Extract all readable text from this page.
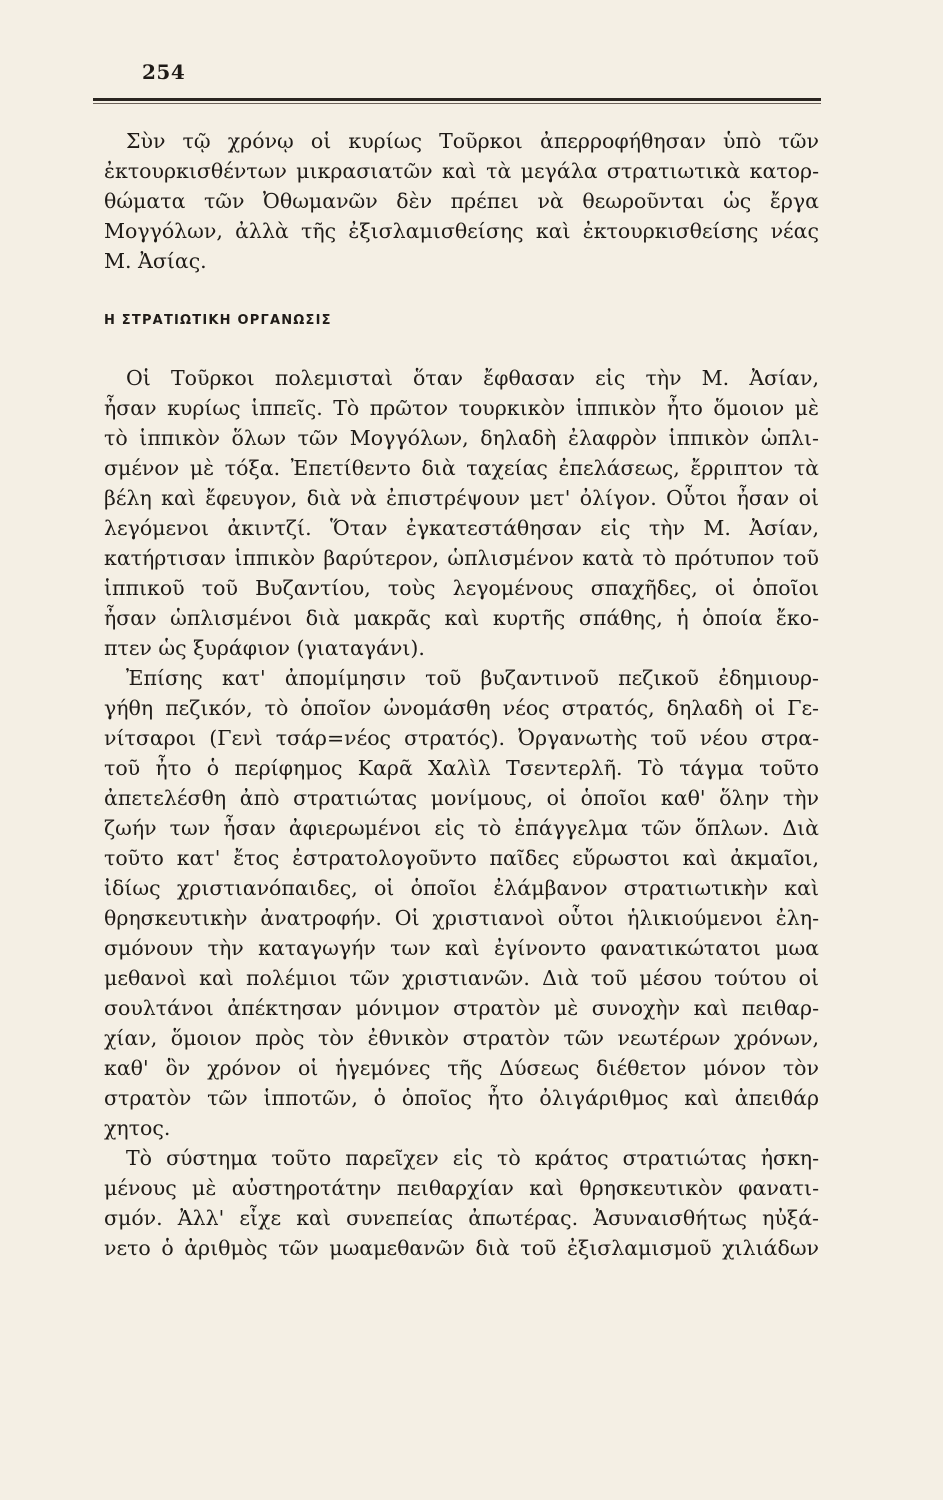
254
Σὺν τῷ χρόνῳ οἱ κυρίως Τοῦρκοι ἀπερροφήθησαν ὑπὸ τῶν
ἐκτουρκισθέντων μικρασιατῶν καὶ τὰ μεγάλα στρατιωτικὰ κατορ-
θώματα τῶν Ὀθωμανῶν δὲν πρέπει νὰ θεωροῦνται ὡς ἔργα
Μογγόλων, ἀλλὰ τῆς ἐξισλαμισθείσης καὶ ἐκτουρκισθείσης νέας
Μ. Ἀσίας.
Η ΣΤΡΑΤΙΩΤΙΚΗ ΟΡΓΑΝΩΣΙΣ
Οἱ Τοῦρκοι πολεμισταὶ ὅταν ἔφθασαν εἰς τὴν Μ. Ἀσίαν,
ἦσαν κυρίως ἱππεῖς. Τὸ πρῶτον τουρκικὸν ἱππικὸν ἦτο ὅμοιον μὲ
τὸ ἱππικὸν ὅλων τῶν Μογγόλων, δηλαδὴ ἐλαφρὸν ἱππικὸν ὡπλι-
σμένον μὲ τόξα. Ἐπετίθεντο διὰ ταχείας ἐπελάσεως, ἔρριπτον τὰ
βέλη καὶ ἔφευγον, διὰ νὰ ἐπιστρέψουν μετ' ὀλίγον. Οὗτοι ἦσαν οἱ
λεγόμενοι ἀκιντζί. Ὅταν ἐγκατεστάθησαν εἰς τὴν Μ. Ἀσίαν,
κατήρτισαν ἱππικὸν βαρύτερον, ὡπλισμένον κατὰ τὸ πρότυπον τοῦ
ἱππικοῦ τοῦ Βυζαντίου, τοὺς λεγομένους σπαχῆδες, οἱ ὁποῖοι
ἦσαν ὡπλισμένοι διὰ μακρᾶς καὶ κυρτῆς σπάθης, ἡ ὁποία ἔκο-
πτεν ὡς ξυράφιον (γιαταγάνι).
Ἐπίσης κατ' ἀπομίμησιν τοῦ βυζαντινοῦ πεζικοῦ ἐδημιουρ-
γήθη πεζικόν, τὸ ὁποῖον ὠνομάσθη νέος στρατός, δηλαδὴ οἱ Γε-
νίτσαροι (Γενὶ τσάρ=νέος στρατός). Ὀργανωτὴς τοῦ νέου στρα-
τοῦ ἦτο ὁ περίφημος Καρᾶ Χαλὶλ Τσεντερλῆ. Τὸ τάγμα τοῦτο
ἀπετελέσθη ἀπὸ στρατιώτας μονίμους, οἱ ὁποῖοι καθ' ὅλην τὴν
ζωήν των ἦσαν ἀφιερωμένοι εἰς τὸ ἐπάγγελμα τῶν ὅπλων. Διὰ
τοῦτο κατ' ἔτος ἐστρατολογοῦντο παῖδες εὔρωστοι καὶ ἀκμαῖοι,
ἰδίως χριστιανόπαιδες, οἱ ὁποῖοι ἐλάμβανον στρατιωτικὴν καὶ
θρησκευτικὴν ἀνατροφήν. Οἱ χριστιανοὶ οὗτοι ἡλικιούμενοι ἐλη-
σμόνουν τὴν καταγωγήν των καὶ ἐγίνοντο φανατικώτατοι μωα
μεθανοὶ καὶ πολέμιοι τῶν χριστιανῶν. Διὰ τοῦ μέσου τούτου οἱ
σουλτάνοι ἀπέκτησαν μόνιμον στρατὸν μὲ συνοχὴν καὶ πειθαρ-
χίαν, ὅμοιον πρὸς τὸν ἐθνικὸν στρατὸν τῶν νεωτέρων χρόνων,
καθ' ὃν χρόνον οἱ ἡγεμόνες τῆς Δύσεως διέθετον μόνον τὸν
στρατὸν τῶν ἱπποτῶν, ὁ ὁποῖος ἦτο ὀλιγάριθμος καὶ ἀπειθάρ
χητος.
Τὸ σύστημα τοῦτο παρεῖχεν εἰς τὸ κράτος στρατιώτας ἠσκη-
μένους μὲ αὐστηροτάτην πειθαρχίαν καὶ θρησκευτικὸν φανατι-
σμόν. Ἀλλ' εἶχε καὶ συνεπείας ἀπωτέρας. Ἀσυναισθήτως ηὐξά-
νετο ὁ ἀριθμὸς τῶν μωαμεθανῶν διὰ τοῦ ἐξισλαμισμοῦ χιλιάδων
